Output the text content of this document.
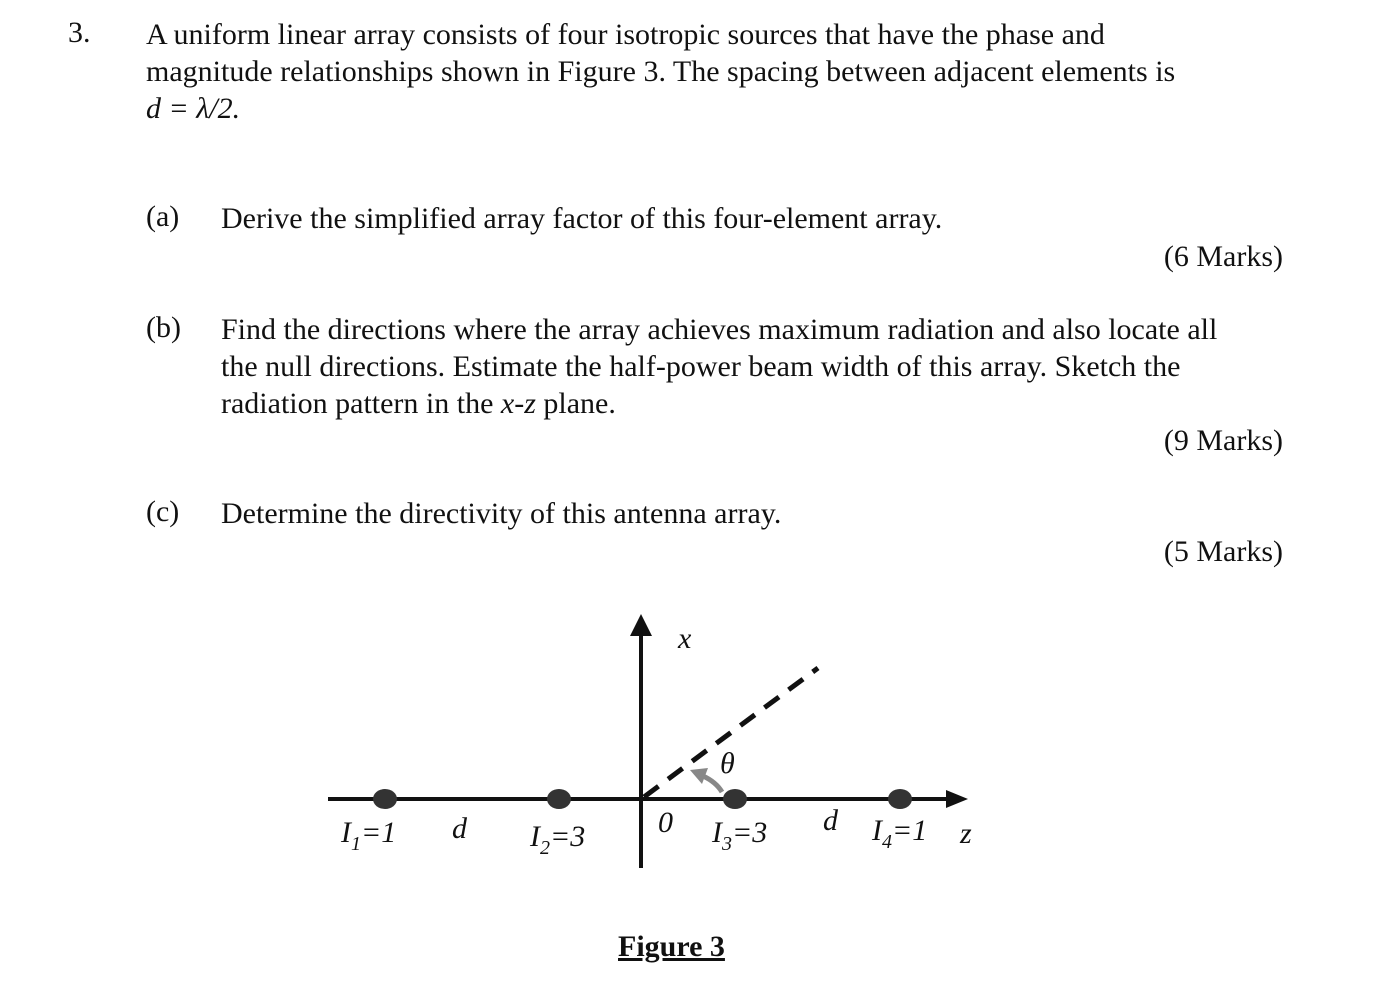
3. A uniform linear array consists of four isotropic sources that have the phase and
magnitude relationships shown in Figure 3. The spacing between adjacent elements is
d = λ/2.
(a) Derive the simplified array factor of this four-element array.
(6 Marks)
(b) Find the directions where the array achieves maximum radiation and also locate all
the null directions. Estimate the half-power beam width of this array. Sketch the
radiation pattern in the x-z plane.
(9 Marks)
(c) Determine the directivity of this antenna array.
(5 Marks)
x
z
0
θ
d	d
$I_1=1$	$I_2=3$	$I_3=3$	$I_4=1$
Figure 3
